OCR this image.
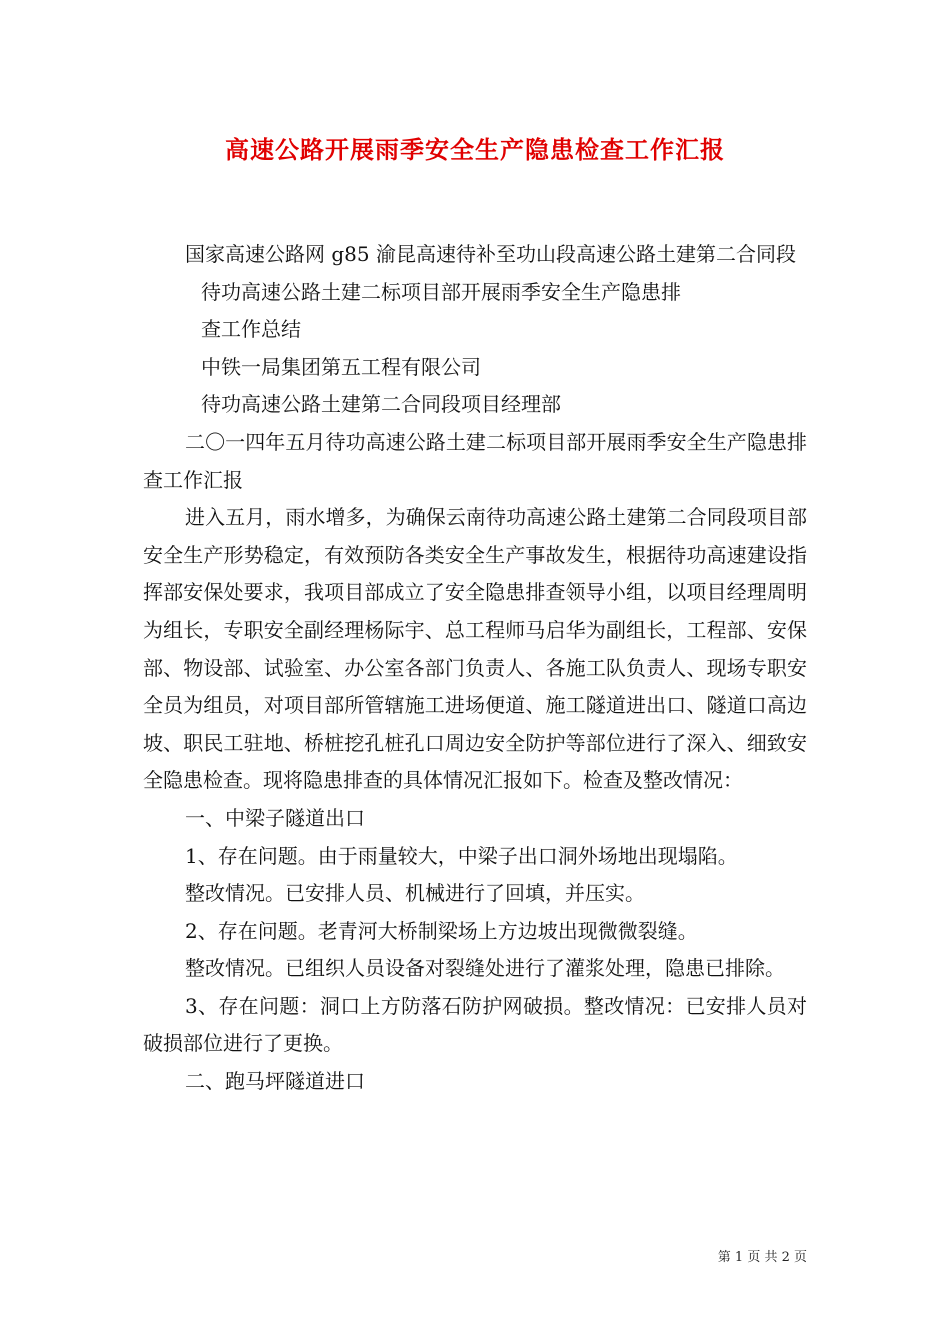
高速公路开展雨季安全生产隐患检查工作汇报

国家高速公路网 g85 渝昆高速待补至功山段高速公路土建第二合同段

待功高速公路土建二标项目部开展雨季安全生产隐患排

查工作总结

中铁一局集团第五工程有限公司

待功高速公路土建第二合同段项目经理部

二〇一四年五月待功高速公路土建二标项目部开展雨季安全生产隐患排查工作汇报

进入五月，雨水增多，为确保云南待功高速公路土建第二合同段项目部安全生产形势稳定，有效预防各类安全生产事故发生，根据待功高速建设指挥部安保处要求，我项目部成立了安全隐患排查领导小组，以项目经理周明为组长，专职安全副经理杨际宇、总工程师马启华为副组长，工程部、安保部、物设部、试验室、办公室各部门负责人、各施工队负责人、现场专职安全员为组员，对项目部所管辖施工进场便道、施工隧道进出口、隧道口高边坡、职民工驻地、桥桩挖孔桩孔口周边安全防护等部位进行了深入、细致安全隐患检查。现将隐患排查的具体情况汇报如下。检查及整改情况：

一、中梁子隧道出口

1、存在问题。由于雨量较大，中梁子出口洞外场地出现塌陷。

整改情况。已安排人员、机械进行了回填，并压实。

2、存在问题。老青河大桥制梁场上方边坡出现微微裂缝。

整改情况。已组织人员设备对裂缝处进行了灌浆处理，隐患已排除。

3、存在问题：洞口上方防落石防护网破损。整改情况：已安排人员对破损部位进行了更换。

二、跑马坪隧道进口

第 1 页 共 2 页
